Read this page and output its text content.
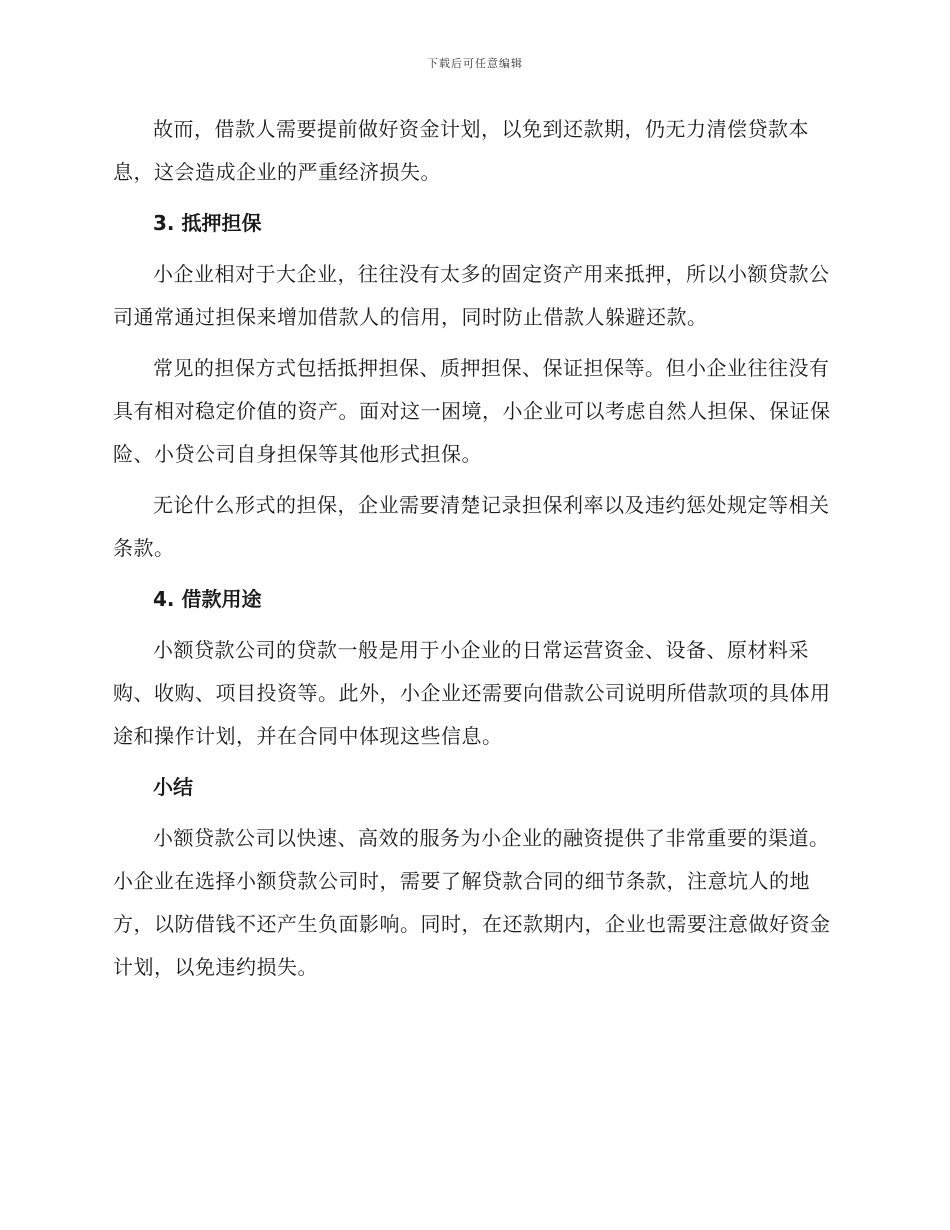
下载后可任意编辑

故而，借款人需要提前做好资金计划，以免到还款期，仍无力清偿贷款本息，这会造成企业的严重经济损失。

3. 抵押担保

小企业相对于大企业，往往没有太多的固定资产用来抵押，所以小额贷款公司通常通过担保来增加借款人的信用，同时防止借款人躲避还款。

常见的担保方式包括抵押担保、质押担保、保证担保等。但小企业往往没有具有相对稳定价值的资产。面对这一困境，小企业可以考虑自然人担保、保证保险、小贷公司自身担保等其他形式担保。

无论什么形式的担保，企业需要清楚记录担保利率以及违约惩处规定等相关条款。

4. 借款用途

小额贷款公司的贷款一般是用于小企业的日常运营资金、设备、原材料采购、收购、项目投资等。此外，小企业还需要向借款公司说明所借款项的具体用途和操作计划，并在合同中体现这些信息。

小结

小额贷款公司以快速、高效的服务为小企业的融资提供了非常重要的渠道。小企业在选择小额贷款公司时，需要了解贷款合同的细节条款，注意坑人的地方，以防借钱不还产生负面影响。同时，在还款期内，企业也需要注意做好资金计划，以免违约损失。
